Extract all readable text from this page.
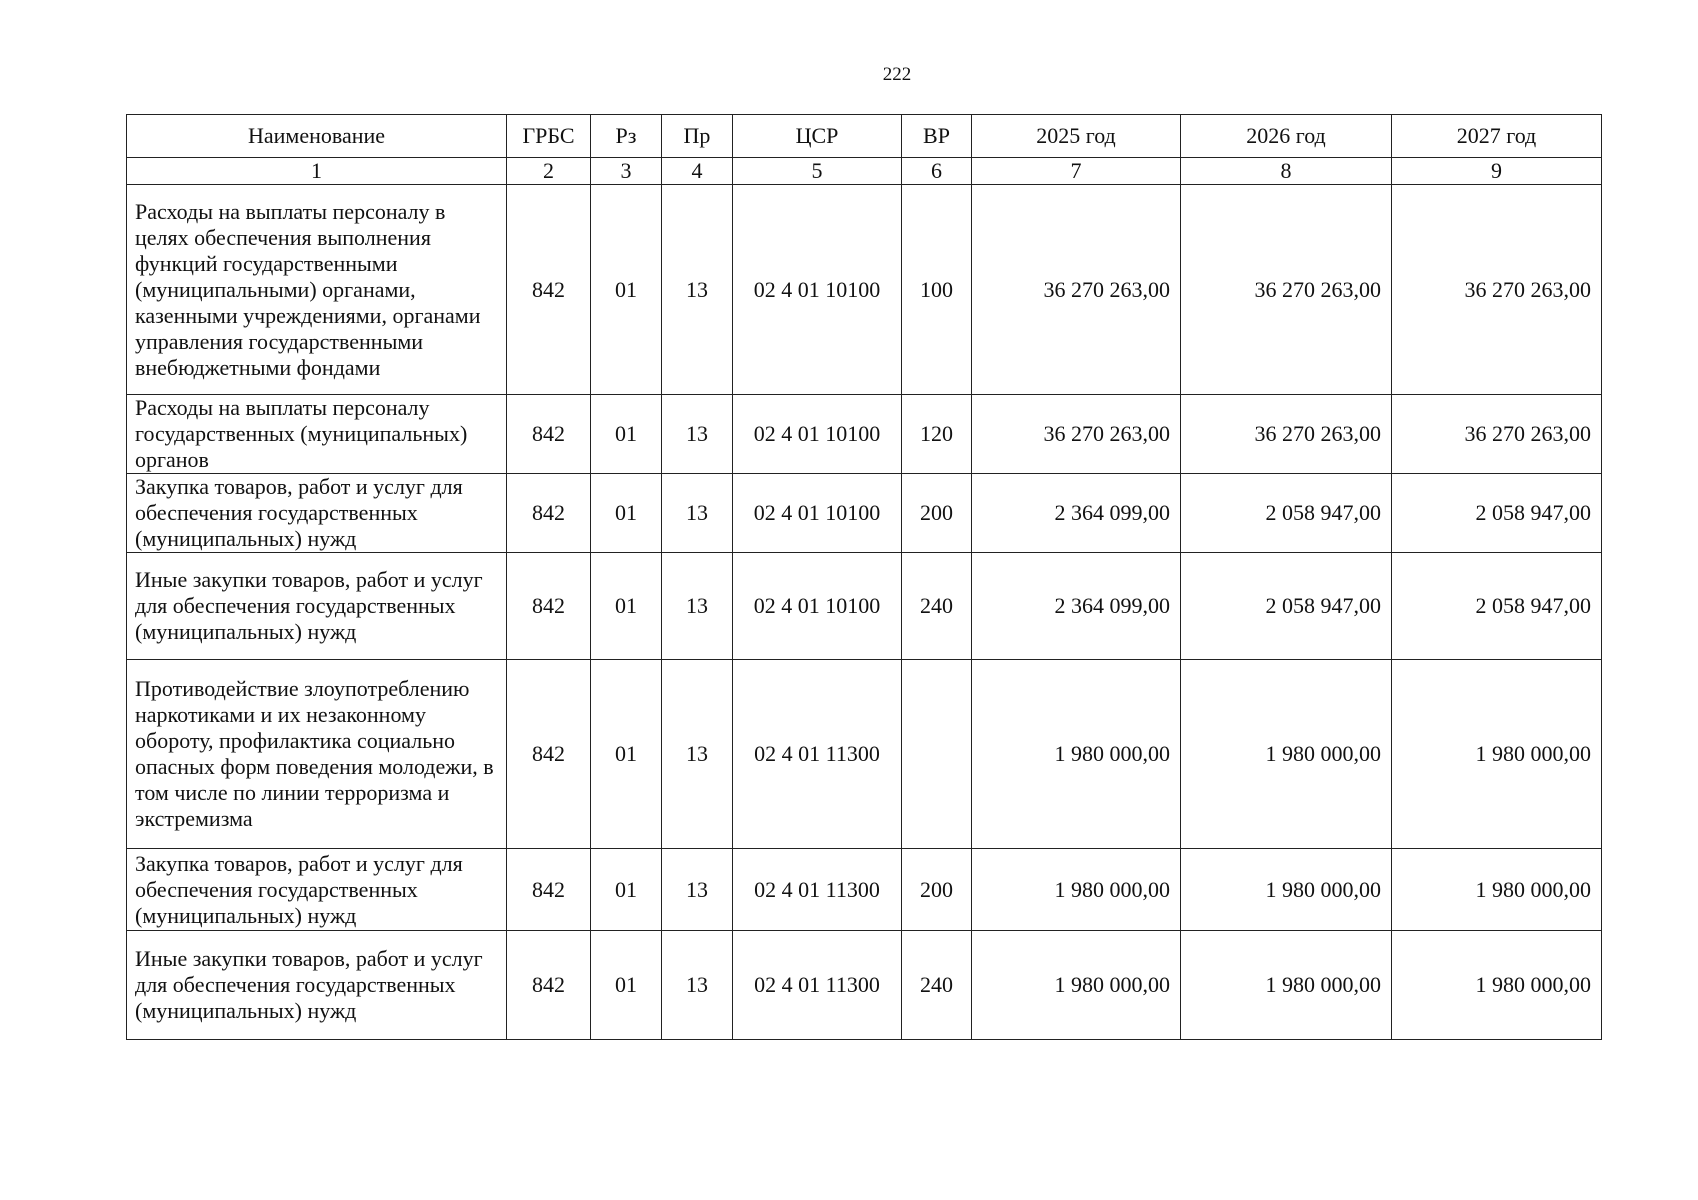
222
Наименование	ГРБС	Рз	Пр	ЦСР	ВР	2025 год	2026 год	2027 год
1	2	3	4	5	6	7	8	9
Расходы на выплаты персоналу в целях обеспечения выполнения функций государственными (муниципальными) органами, казенными учреждениями, органами управления государственными внебюджетными фондами	842	01	13	02 4 01 10100	100	36 270 263,00	36 270 263,00	36 270 263,00
Расходы на выплаты персоналу государственных (муниципальных) органов	842	01	13	02 4 01 10100	120	36 270 263,00	36 270 263,00	36 270 263,00
Закупка товаров, работ и услуг для обеспечения государственных (муниципальных) нужд	842	01	13	02 4 01 10100	200	2 364 099,00	2 058 947,00	2 058 947,00
Иные закупки товаров, работ и услуг для обеспечения государственных (муниципальных) нужд	842	01	13	02 4 01 10100	240	2 364 099,00	2 058 947,00	2 058 947,00
Противодействие злоупотреблению наркотиками и их незаконному обороту, профилактика социально опасных форм поведения молодежи, в том числе по линии терроризма и экстремизма	842	01	13	02 4 01 11300		1 980 000,00	1 980 000,00	1 980 000,00
Закупка товаров, работ и услуг для обеспечения государственных (муниципальных) нужд	842	01	13	02 4 01 11300	200	1 980 000,00	1 980 000,00	1 980 000,00
Иные закупки товаров, работ и услуг для обеспечения государственных (муниципальных) нужд	842	01	13	02 4 01 11300	240	1 980 000,00	1 980 000,00	1 980 000,00
